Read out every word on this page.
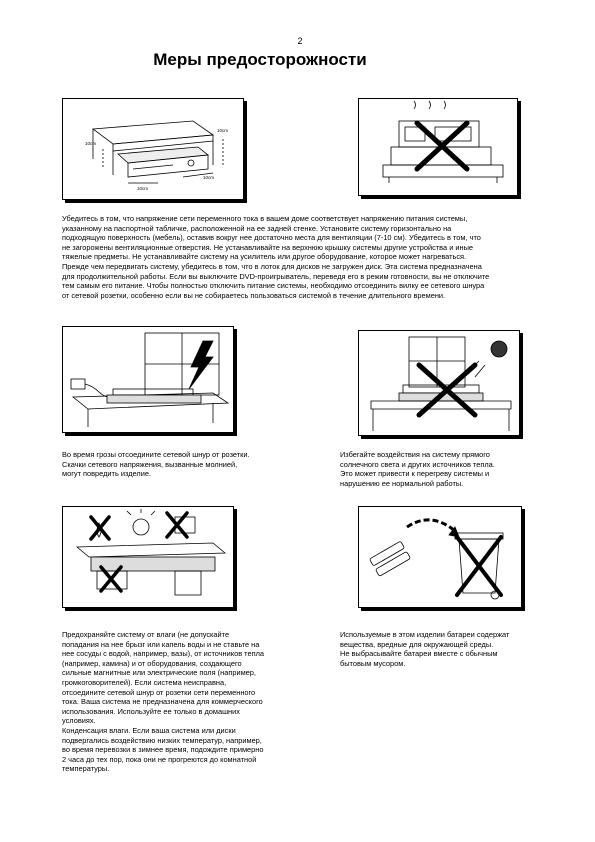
2
Меры предосторожности
10cm
10cm
10cm
10cm
Убедитесь в том, что напряжение сети переменного тока в вашем доме соответствует напряжению питания системы,
указанному на паспортной табличке, расположенной на ее задней стенке. Установите систему горизонтально на
подходящую поверхность (мебель), оставив вокруг нее достаточно места для вентиляции (7-10 см). Убедитесь в том, что
не загорожены вентиляционные отверстия. Не устанавливайте на верхнюю крышку системы другие устройства и иные
тяжелые предметы. Не устанавливайте систему на усилитель или другое оборудование, которое может нагреваться.
Прежде чем передвигать систему, убедитесь в том, что в лоток для дисков не загружен диск. Эта система предназначена
для продолжительной работы. Если вы выключите DVD-проигрыватель, переведя его в режим готовности, вы не отключите
тем самым его питание. Чтобы полностью отключить питание системы, необходимо отсоединить вилку ее сетевого шнура
от сетевой розетки, особенно если вы не собираетесь пользоваться системой в течение длительного времени.
Во время грозы отсоедините сетевой шнур от розетки.
Скачки сетевого напряжения, вызванные молнией,
могут повредить изделие.
Избегайте воздействия на систему прямого
солнечного света и других источников тепла.
Это может привести к перегреву системы и
нарушению ее нормальной работы.
Предохраняйте систему от влаги (не допускайте
попадания на нее брызг или капель воды и не ставьте на
нее сосуды с водой, например, вазы), от источников тепла
(например, камина) и от оборудования, создающего
сильные магнитные или электрические поля (например,
громкоговорителей). Если система неисправна,
отсоедините сетевой шнур от розетки сети переменного
тока. Ваша система не предназначена для коммерческого
использования. Используйте ее только в домашних
условиях.
Конденсация влаги. Если ваша система или диски
подвергались воздействию низких температур, например,
во время перевозки в зимнее время, подождите примерно
2 часа до тех пор, пока они не прогреются до комнатной
температуры.
Используемые в этом изделии батареи содержат
вещества, вредные для окружающей среды.
Не выбрасывайте батареи вместе с обычным
бытовым мусором.
